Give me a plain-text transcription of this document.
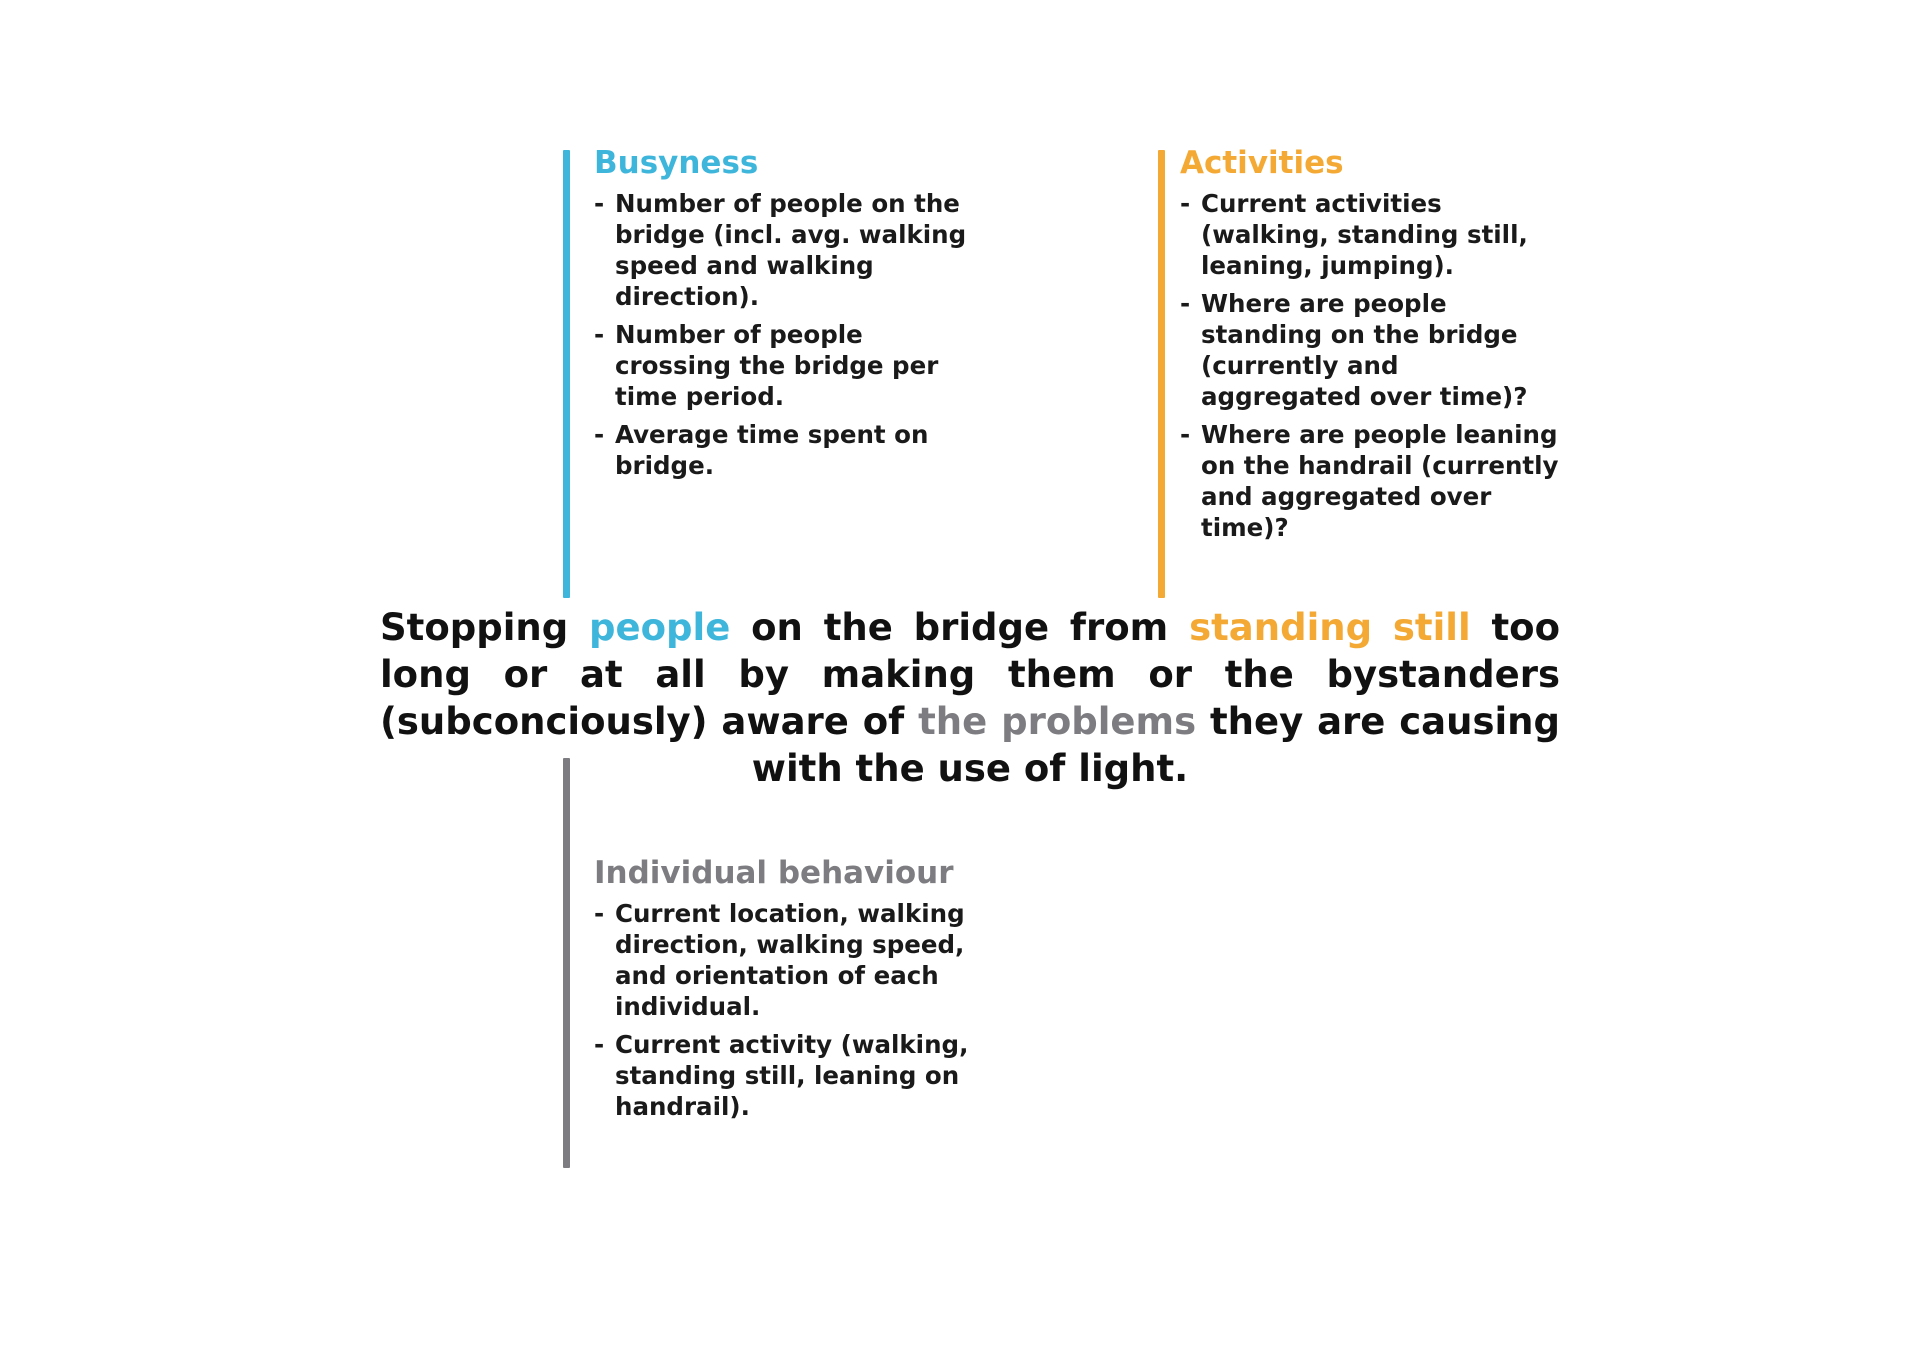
Busyness
- Number of people on the bridge (incl. avg. walking speed and walking direction).
- Number of people crossing the bridge per time period.
- Average time spent on bridge.
Activities
- Current activities (walking, standing still, leaning, jumping).
- Where are people standing on the bridge (currently and aggregated over time)?
- Where are people leaning on the handrail (currently and aggregated over time)?

Stopping people on the bridge from standing still too long or at all by making them or the bystanders (subconciously) aware of the problems they are causing with the use of light.

Individual behaviour
- Current location, walking direction, walking speed, and orientation of each individual.
- Current activity (walking, standing still, leaning on handrail).
